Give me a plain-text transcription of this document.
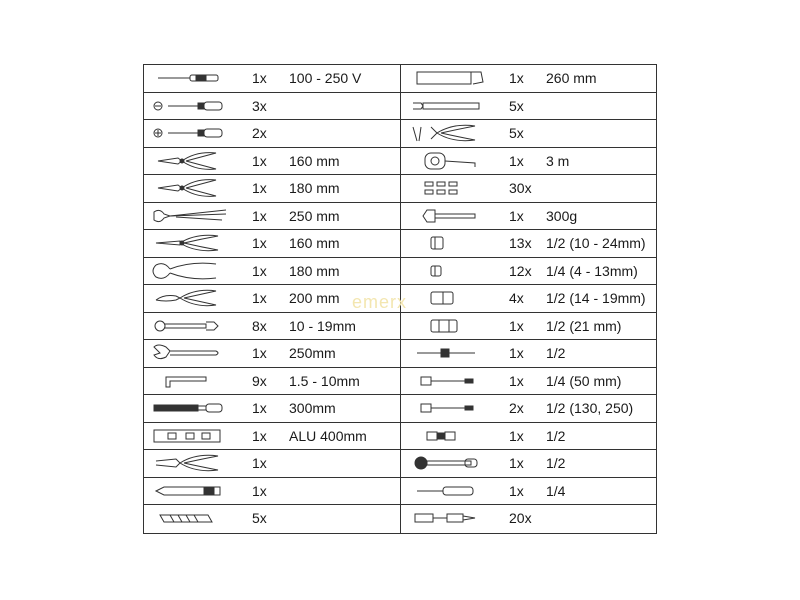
1x 100 - 250 V
3x
2x
1x 160 mm
1x 180 mm
1x 250 mm
1x 160 mm
1x 180 mm
1x 200 mm
8x 10 - 19mm
1x 250mm
9x 1.5 - 10mm
1x 300mm
1x ALU 400mm
1x
1x
5x
1x 260 mm
5x
5x
1x 3 m
30x
1x 300g
13x 1/2 (10 - 24mm)
12x 1/4 (4 - 13mm)
4x 1/2 (14 - 19mm)
1x 1/2 (21 mm)
1x 1/2
1x 1/4 (50 mm)
2x 1/2 (130, 250)
1x 1/2
1x 1/2
1x 1/4
20x
emerx
